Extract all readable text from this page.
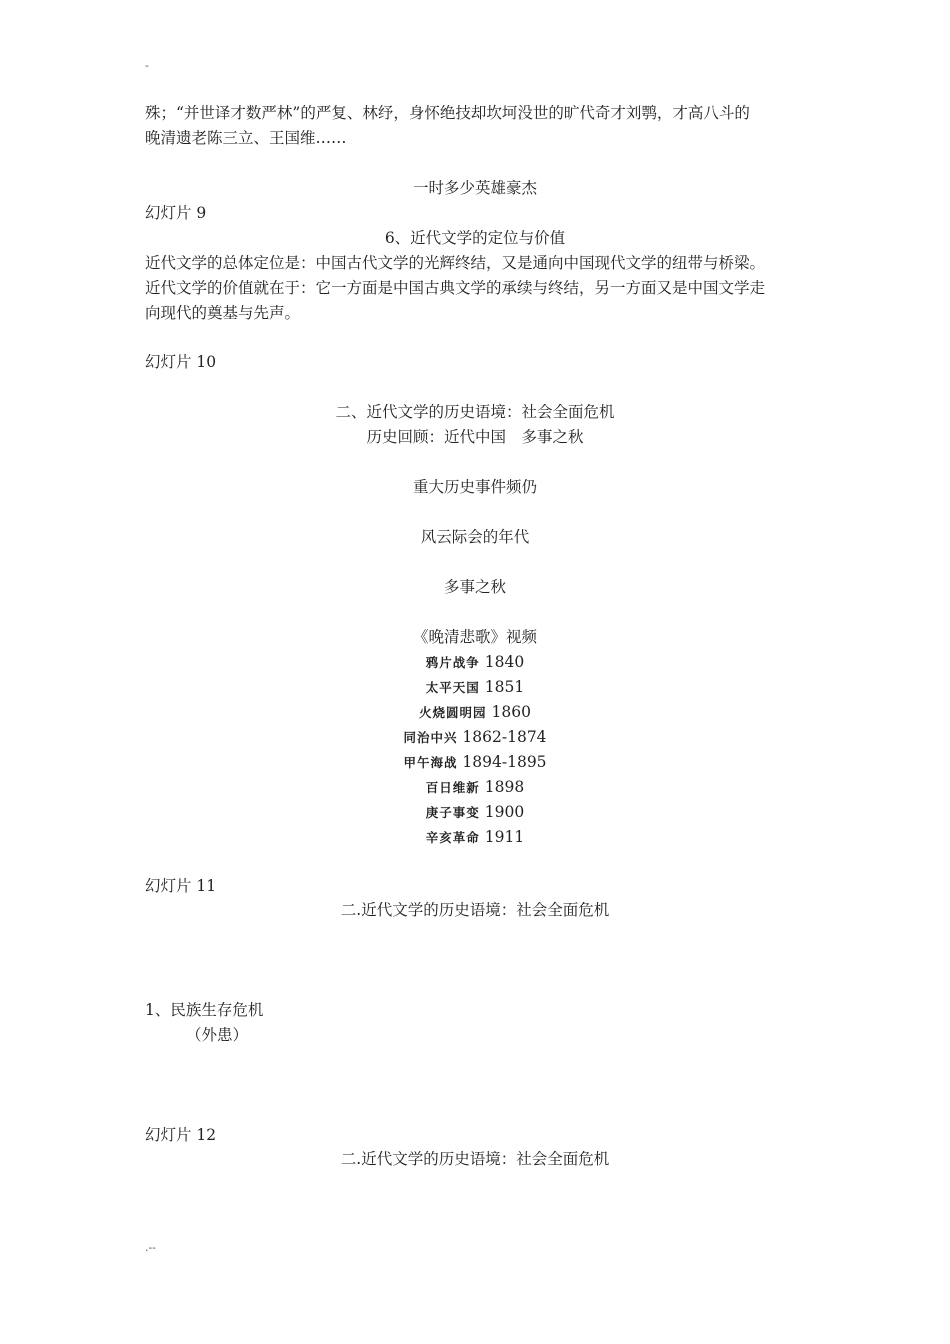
-
殊；“并世译才数严林”的严复、林纾，身怀绝技却坎坷没世的旷代奇才刘鹗，才高八斗的
晚清遗老陈三立、王国维……
一时多少英雄豪杰
幻灯片 9
6、近代文学的定位与价值
近代文学的总体定位是：中国古代文学的光辉终结，又是通向中国现代文学的纽带与桥梁。
近代文学的价值就在于：它一方面是中国古典文学的承续与终结，另一方面又是中国文学走
向现代的奠基与先声。
幻灯片 10
二、近代文学的历史语境：社会全面危机
历史回顾：近代中国　多事之秋
重大历史事件频仍
风云际会的年代
多事之秋
《晚清悲歌》视频
鸦片战争 1840
太平天国 1851
火烧圆明园 1860
同治中兴 1862-1874
甲午海战 1894-1895
百日维新 1898
庚子事变 1900
辛亥革命 1911
幻灯片 11
二.近代文学的历史语境：社会全面危机
1、民族生存危机
（外患）
幻灯片 12
二.近代文学的历史语境：社会全面危机
.--
